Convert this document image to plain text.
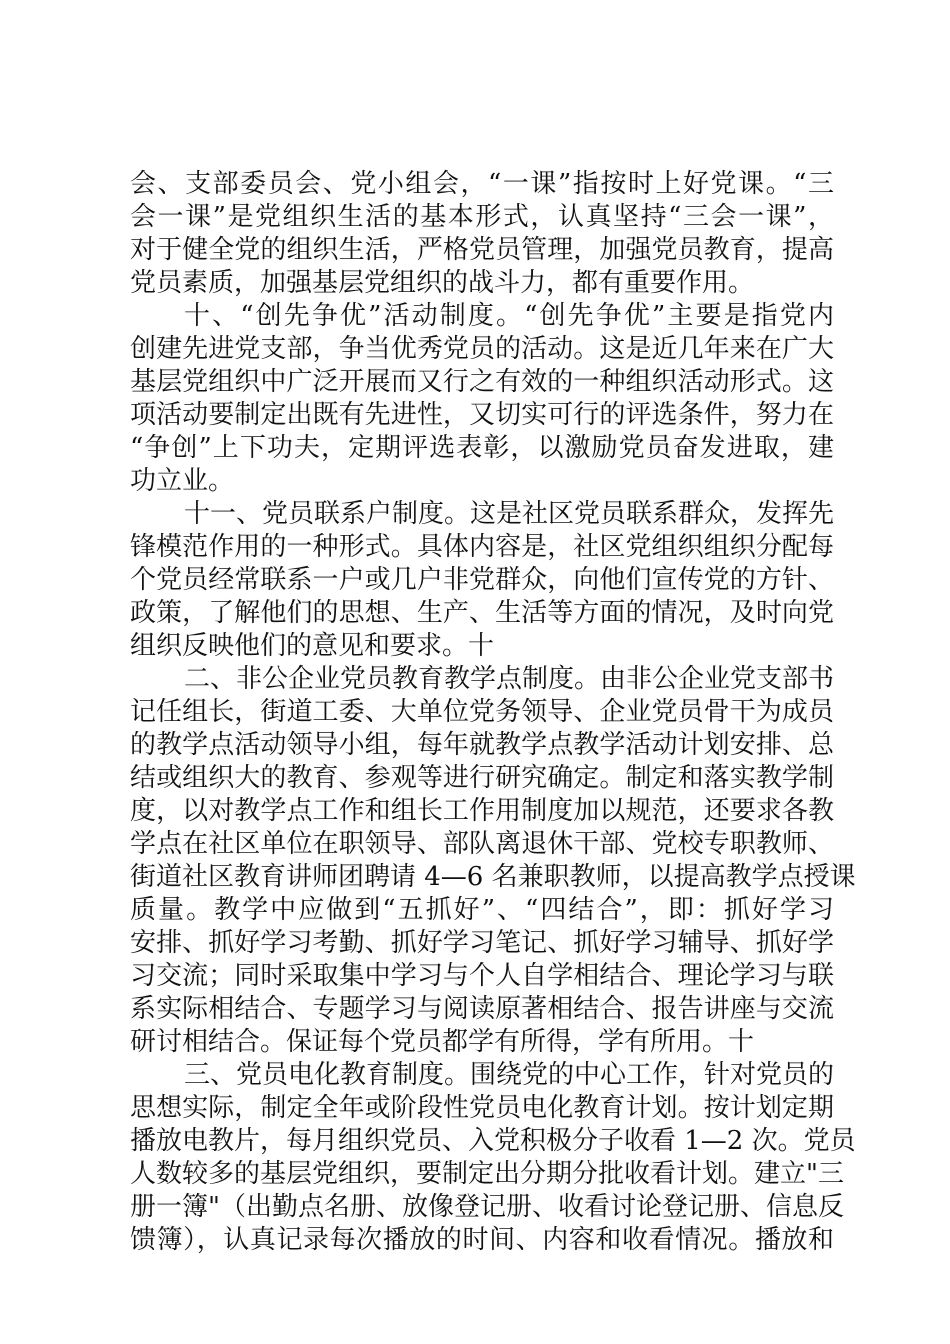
会、支部委员会、党小组会，“一课”指按时上好党课。“三
会一课”是党组织生活的基本形式，认真坚持“三会一课”，
对于健全党的组织生活，严格党员管理，加强党员教育，提高
党员素质，加强基层党组织的战斗力，都有重要作用。
十、“创先争优”活动制度。“创先争优”主要是指党内
创建先进党支部，争当优秀党员的活动。这是近几年来在广大
基层党组织中广泛开展而又行之有效的一种组织活动形式。这
项活动要制定出既有先进性，又切实可行的评选条件，努力在
“争创”上下功夫，定期评选表彰，以激励党员奋发进取，建
功立业。
十一、党员联系户制度。这是社区党员联系群众，发挥先
锋模范作用的一种形式。具体内容是，社区党组织组织分配每
个党员经常联系一户或几户非党群众，向他们宣传党的方针、
政策，了解他们的思想、生产、生活等方面的情况，及时向党
组织反映他们的意见和要求。十
二、非公企业党员教育教学点制度。由非公企业党支部书
记任组长，街道工委、大单位党务领导、企业党员骨干为成员
的教学点活动领导小组，每年就教学点教学活动计划安排、总
结或组织大的教育、参观等进行研究确定。制定和落实教学制
度，以对教学点工作和组长工作用制度加以规范，还要求各教
学点在社区单位在职领导、部队离退休干部、党校专职教师、
街道社区教育讲师团聘请 4—6 名兼职教师，以提高教学点授课
质量。教学中应做到“五抓好”、“四结合”，即：抓好学习
安排、抓好学习考勤、抓好学习笔记、抓好学习辅导、抓好学
习交流；同时采取集中学习与个人自学相结合、理论学习与联
系实际相结合、专题学习与阅读原著相结合、报告讲座与交流
研讨相结合。保证每个党员都学有所得，学有所用。十
三、党员电化教育制度。围绕党的中心工作，针对党员的
思想实际，制定全年或阶段性党员电化教育计划。按计划定期
播放电教片，每月组织党员、入党积极分子收看 1—2 次。党员
人数较多的基层党组织，要制定出分期分批收看计划。建立"三
册一簿"（出勤点名册、放像登记册、收看讨论登记册、信息反
馈簿），认真记录每次播放的时间、内容和收看情况。播放和
